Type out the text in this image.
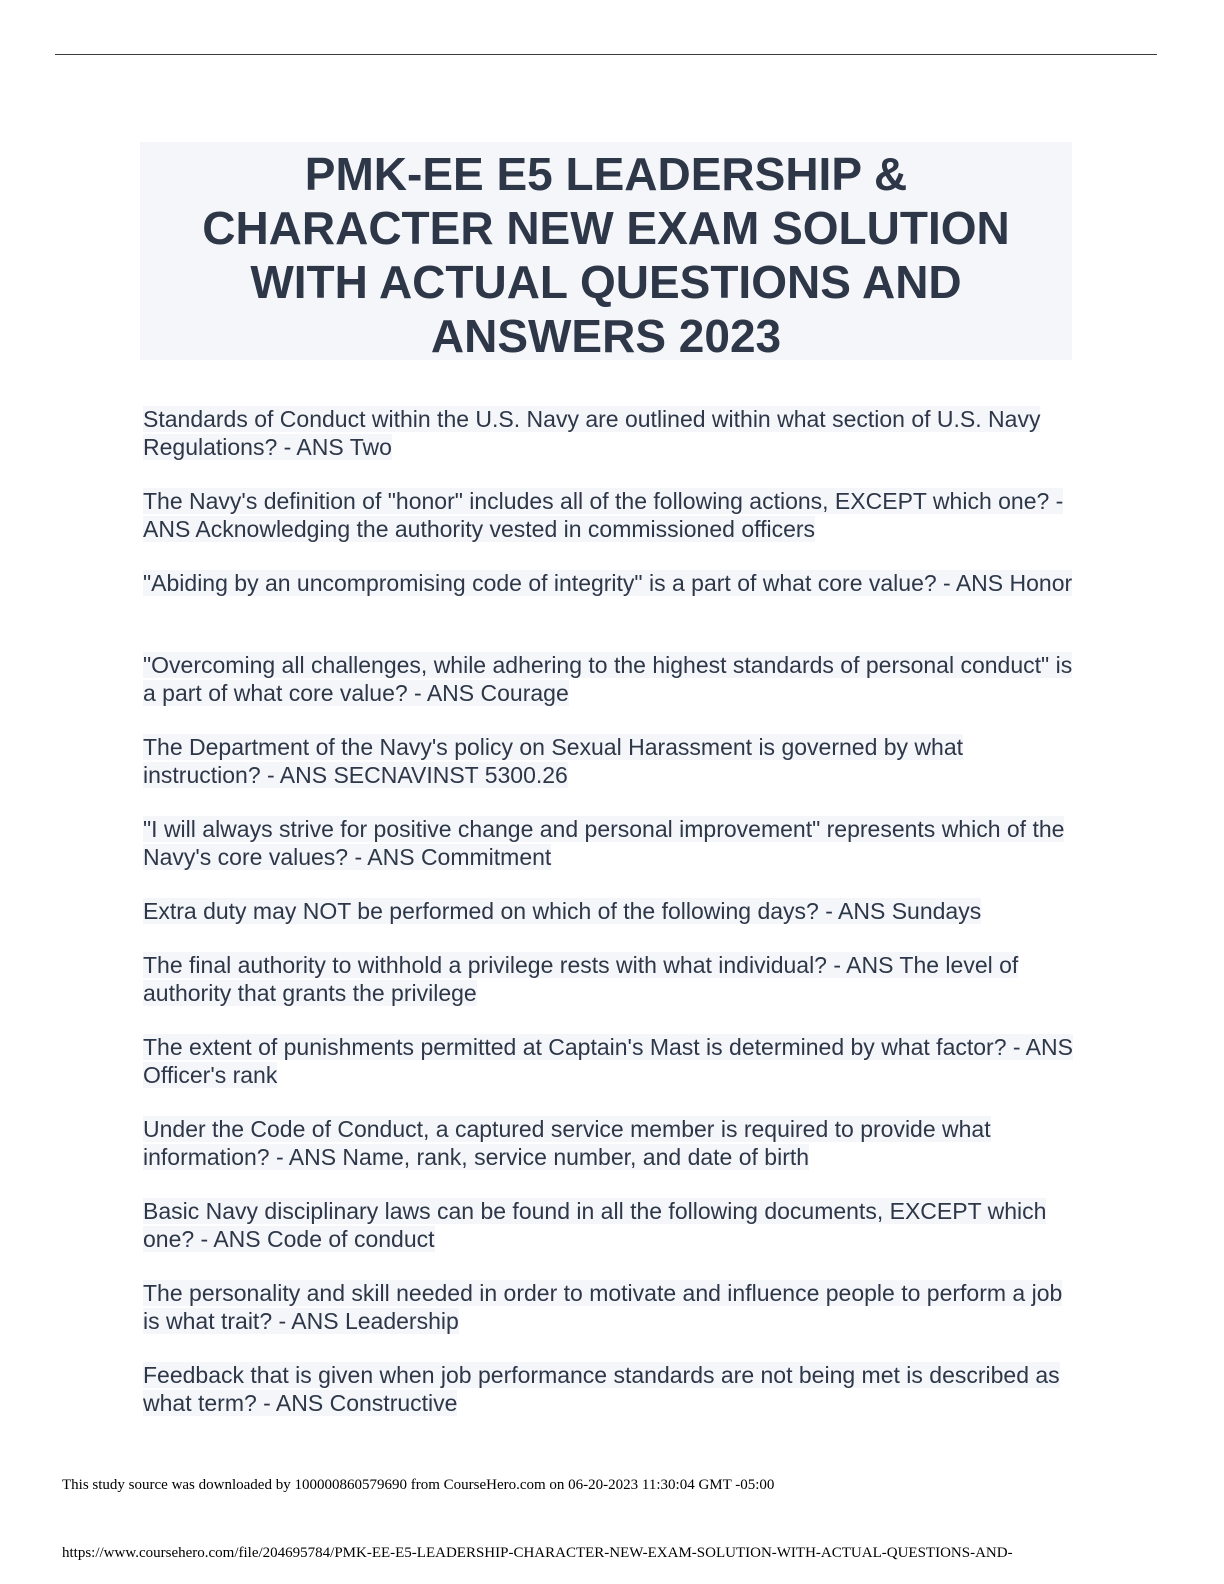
PMK-EE E5 LEADERSHIP &
CHARACTER NEW EXAM SOLUTION
WITH ACTUAL QUESTIONS AND
ANSWERS 2023

Standards of Conduct within the U.S. Navy are outlined within what section of U.S. Navy Regulations? - ANS Two

The Navy's definition of "honor" includes all of the following actions, EXCEPT which one? - ANS Acknowledging the authority vested in commissioned officers

"Abiding by an uncompromising code of integrity" is a part of what core value? - ANS Honor

"Overcoming all challenges, while adhering to the highest standards of personal conduct" is a part of what core value? - ANS Courage

The Department of the Navy's policy on Sexual Harassment is governed by what instruction? - ANS SECNAVINST 5300.26

"I will always strive for positive change and personal improvement" represents which of the Navy's core values? - ANS Commitment

Extra duty may NOT be performed on which of the following days? - ANS Sundays

The final authority to withhold a privilege rests with what individual? - ANS The level of authority that grants the privilege

The extent of punishments permitted at Captain's Mast is determined by what factor? - ANS Officer's rank

Under the Code of Conduct, a captured service member is required to provide what information? - ANS Name, rank, service number, and date of birth

Basic Navy disciplinary laws can be found in all the following documents, EXCEPT which one? - ANS Code of conduct

The personality and skill needed in order to motivate and influence people to perform a job is what trait? - ANS Leadership

Feedback that is given when job performance standards are not being met is described as what term? - ANS Constructive

This study source was downloaded by 100000860579690 from CourseHero.com on 06-20-2023 11:30:04 GMT -05:00
https://www.coursehero.com/file/204695784/PMK-EE-E5-LEADERSHIP-CHARACTER-NEW-EXAM-SOLUTION-WITH-ACTUAL-QUESTIONS-AND-
